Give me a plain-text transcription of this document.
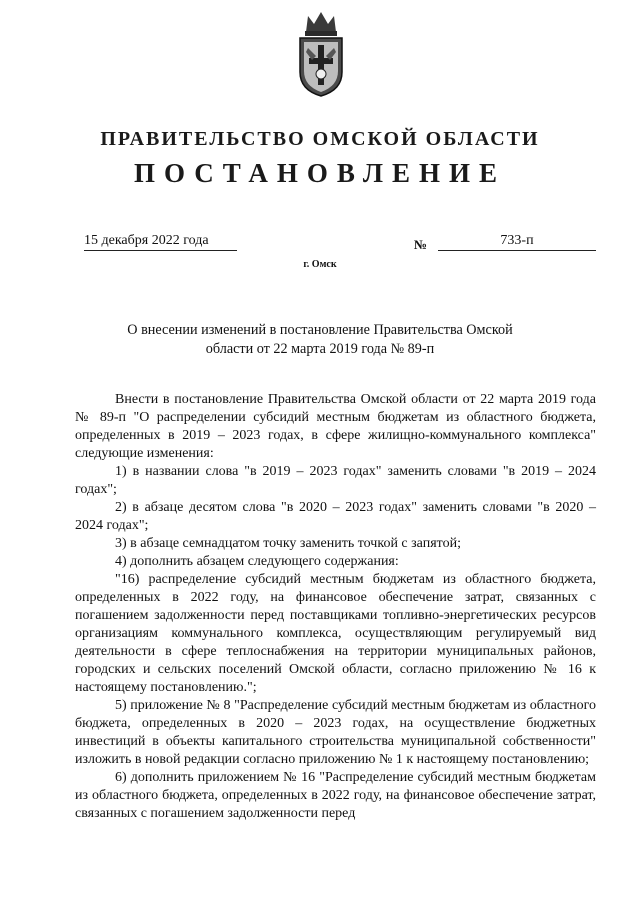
ПРАВИТЕЛЬСТВО ОМСКОЙ ОБЛАСТИ
ПОСТАНОВЛЕНИЕ
15 декабря 2022 года	№	733-п
г. Омск
О внесении изменений в постановление Правительства Омской области от 22 марта 2019 года № 89-п

Внести в постановление Правительства Омской области от 22 марта 2019 года № 89-п "О распределении субсидий местным бюджетам из областного бюджета, определенных в 2019 – 2023 годах, в сфере жилищно-коммунального комплекса" следующие изменения:

1) в названии слова "в 2019 – 2023 годах" заменить словами "в 2019 – 2024 годах";

2) в абзаце десятом слова "в 2020 – 2023 годах" заменить словами "в 2020 – 2024 годах";

3) в абзаце семнадцатом точку заменить точкой с запятой;

4) дополнить абзацем следующего содержания:

"16) распределение субсидий местным бюджетам из областного бюджета, определенных в 2022 году, на финансовое обеспечение затрат, связанных с погашением задолженности перед поставщиками топливно-энергетических ресурсов организациям коммунального комплекса, осуществляющим регулируемый вид деятельности в сфере теплоснабжения на территории муниципальных районов, городских и сельских поселений Омской области, согласно приложению № 16 к настоящему постановлению.";

5) приложение № 8 "Распределение субсидий местным бюджетам из областного бюджета, определенных в 2020 – 2023 годах, на осуществление бюджетных инвестиций в объекты капитального строительства муниципальной собственности" изложить в новой редакции согласно приложению № 1 к настоящему постановлению;

6) дополнить приложением № 16 "Распределение субсидий местным бюджетам из областного бюджета, определенных в 2022 году, на финансовое обеспечение затрат, связанных с погашением задолженности перед
